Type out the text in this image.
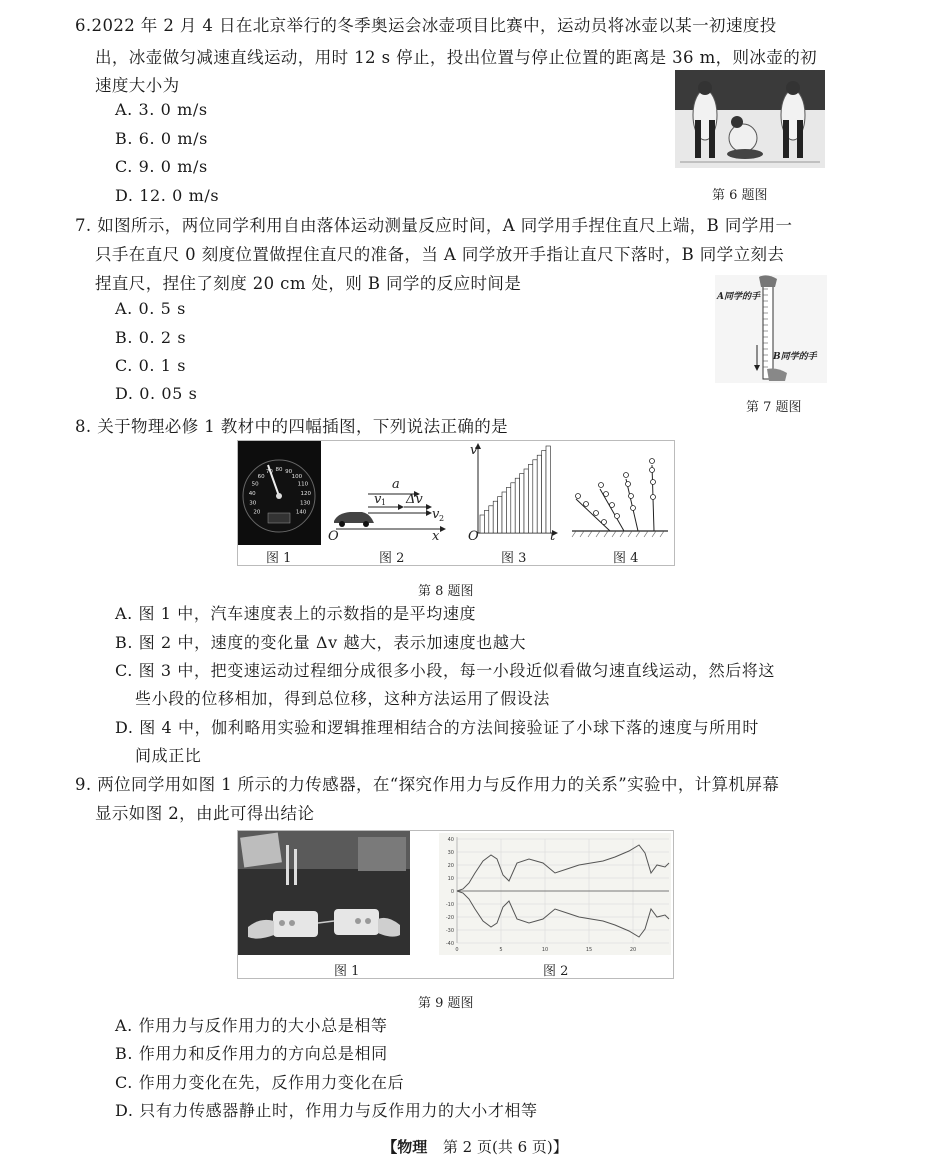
6.2022 年 2 月 4 日在北京举行的冬季奥运会冰壶项目比赛中，运动员将冰壶以某一初速度投
出，冰壶做匀减速直线运动，用时 12 s 停止，投出位置与停止位置的距离是 36 m，则冰壶的初
速度大小为
A. 3. 0 m/s
B. 6. 0 m/s
C. 9. 0 m/s
D. 12. 0 m/s	第 6 题图
7. 如图所示，两位同学利用自由落体运动测量反应时间，A 同学用手捏住直尺上端，B 同学用一
只手在直尺 0 刻度位置做捏住直尺的准备，当 A 同学放开手指让直尺下落时，B 同学立刻去
捏直尺，捏住了刻度 20 cm 处，则 B 同学的反应时间是
A. 0. 5 s
B. 0. 2 s
C. 0. 1 s
D. 0. 05 s
A同学的手
B同学的手
第 7 题图
8. 关于物理必修 1 教材中的四幅插图，下列说法正确的是
20
30
40
50
60
70 80 90
100
110
120
130
140
图 1
a
v 1 Δv
v 2
O	x
图 2
v
O	t
图 3	图 4
第 8 题图
A. 图 1 中，汽车速度表上的示数指的是平均速度
B. 图 2 中，速度的变化量 Δv 越大，表示加速度也越大
C. 图 3 中，把变速运动过程细分成很多小段，每一小段近似看做匀速直线运动，然后将这
些小段的位移相加，得到总位移，这种方法运用了假设法
D. 图 4 中，伽利略用实验和逻辑推理相结合的方法间接验证了小球下落的速度与所用时
间成正比
9. 两位同学用如图 1 所示的力传感器，在“探究作用力与反作用力的关系”实验中，计算机屏幕
显示如图 2，由此可得出结论
图 1
40
30
20
10
0
-10
-20
-30
-40
0	5	10	15	20
图 2
第 9 题图
A. 作用力与反作用力的大小总是相等
B. 作用力和反作用力的方向总是相同
C. 作用力变化在先，反作用力变化在后
D. 只有力传感器静止时，作用力与反作用力的大小才相等
【物理 第 2 页(共 6 页)】
